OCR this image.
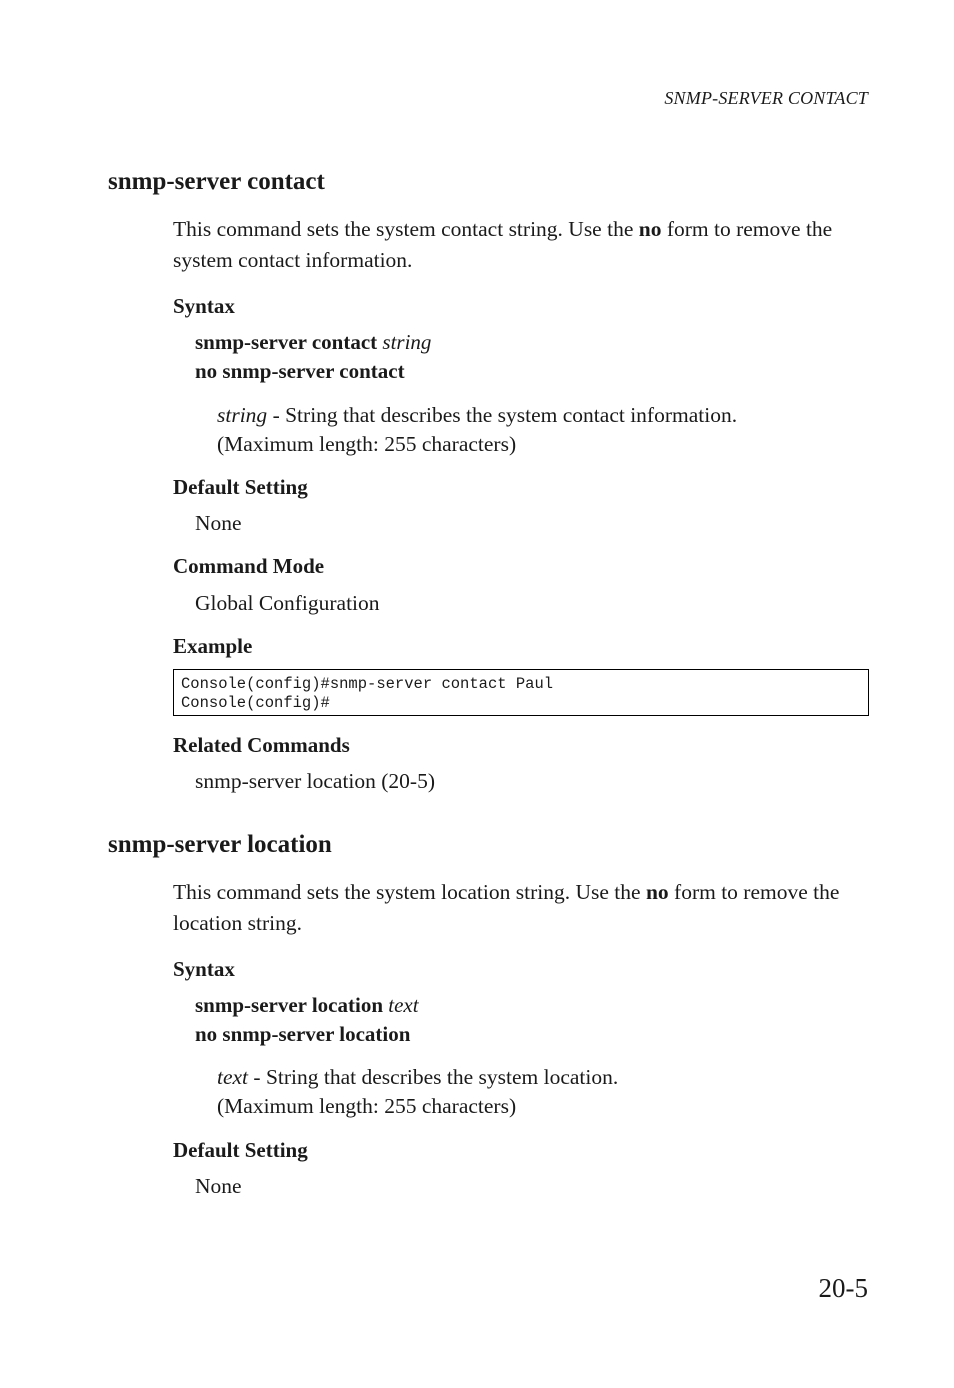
SNMP-SERVER CONTACT
snmp-server contact
This command sets the system contact string. Use the no form to remove the system contact information.
Syntax
snmp-server contact string
no snmp-server contact
string - String that describes the system contact information.
(Maximum length: 255 characters)
Default Setting
None
Command Mode
Global Configuration
Example
Console(config)#snmp-server contact Paul
Console(config)#
Related Commands
snmp-server location (20-5)
snmp-server location
This command sets the system location string. Use the no form to remove the location string.
Syntax
snmp-server location text
no snmp-server location
text - String that describes the system location.
(Maximum length: 255 characters)
Default Setting
None
20-5
